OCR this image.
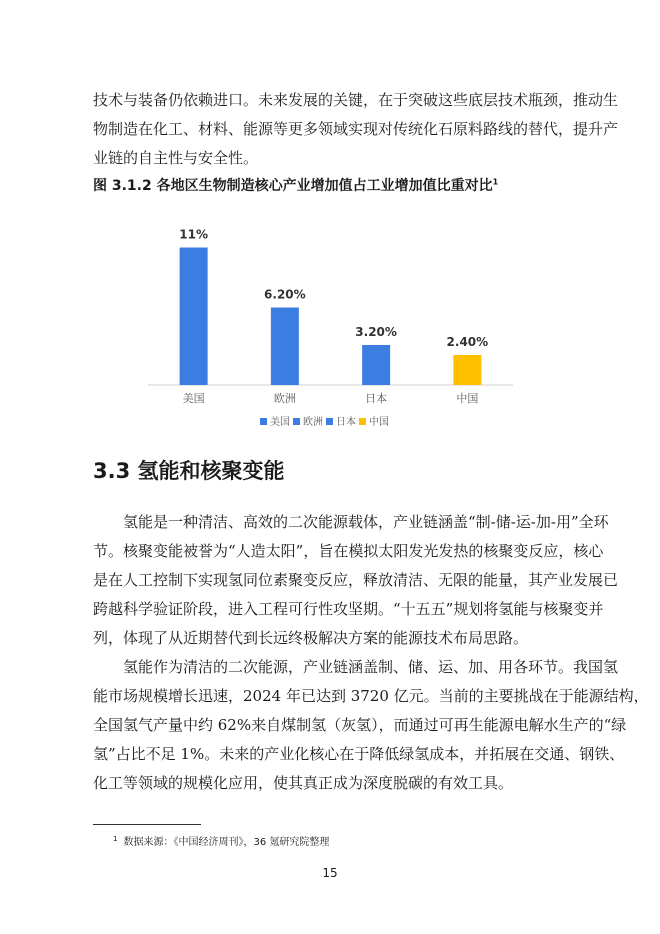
技术与装备仍依赖进口。未来发展的关键，在于突破这些底层技术瓶颈，推动生
物制造在化工、材料、能源等更多领域实现对传统化石原料路线的替代，提升产
业链的自主性与安全性。
图 3.1.2 各地区生物制造核心产业增加值占工业增加值比重对比$^1$
11%
美国
6.20%
欧洲
3.20%
日本
2.40%
中国
美国 欧洲 日本 中国
3.3 氢能和核聚变能
氢能是一种清洁、高效的二次能源载体，产业链涵盖“制-储-运-加-用”全环
节。核聚变能被誉为“人造太阳”，旨在模拟太阳发光发热的核聚变反应，核心
是在人工控制下实现氢同位素聚变反应，释放清洁、无限的能量，其产业发展已
跨越科学验证阶段，进入工程可行性攻坚期。“十五五”规划将氢能与核聚变并
列，体现了从近期替代到长远终极解决方案的能源技术布局思路。
氢能作为清洁的二次能源，产业链涵盖制、储、运、加、用各环节。我国氢
能市场规模增长迅速，2024 年已达到 3720 亿元。当前的主要挑战在于能源结构，
全国氢气产量中约 62%来自煤制氢（灰氢），而通过可再生能源电解水生产的“绿
氢”占比不足 1%。未来的产业化核心在于降低绿氢成本，并拓展在交通、钢铁、
化工等领域的规模化应用，使其真正成为深度脱碳的有效工具。
$^1$ 数据来源：《中国经济周刊》，36 氪研究院整理
15
